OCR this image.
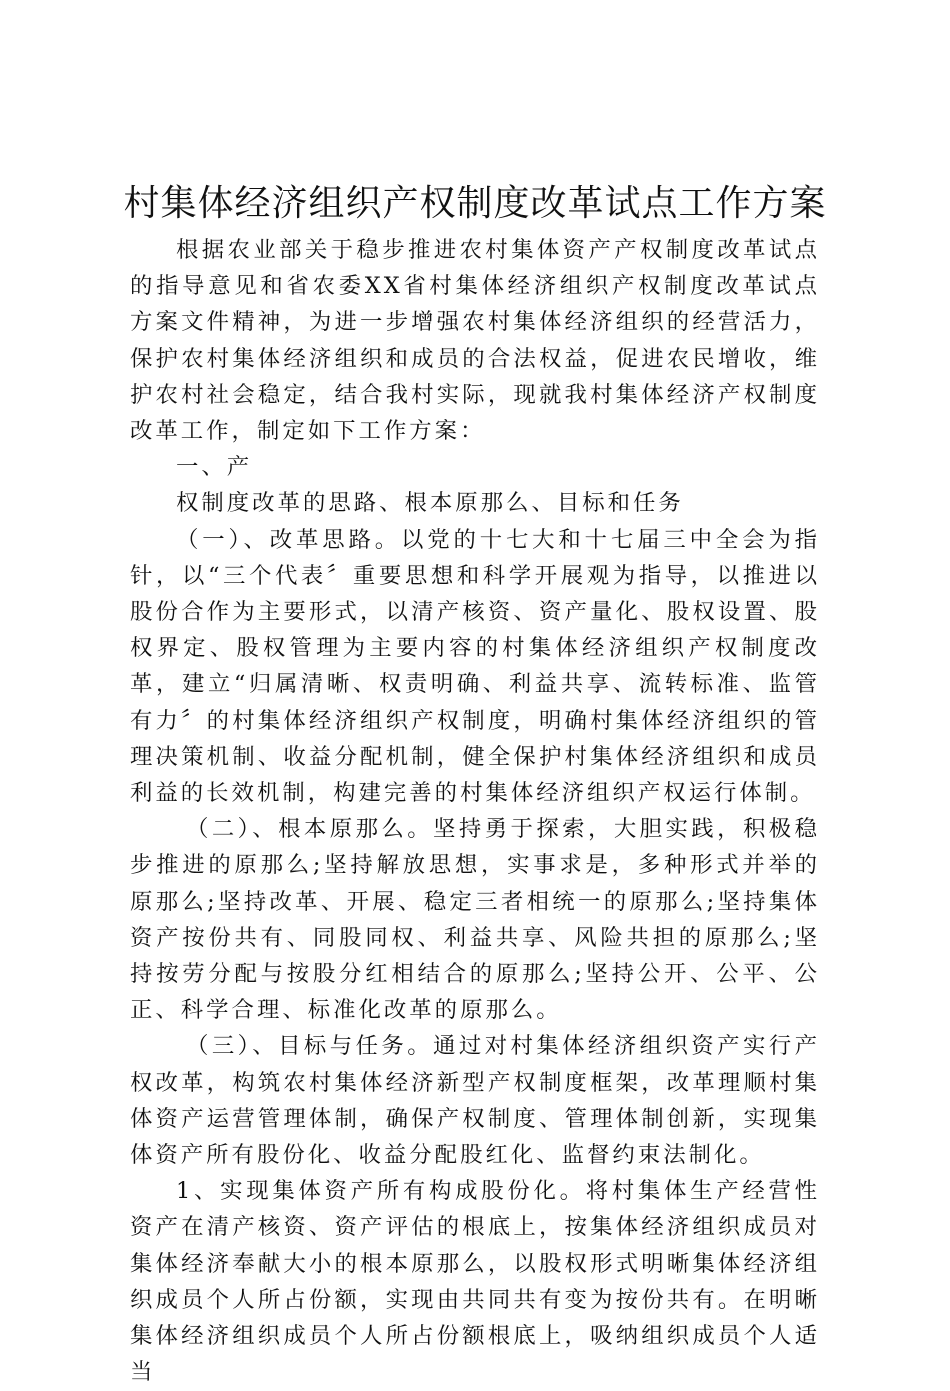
村集体经济组织产权制度改革试点工作方案

根据农业部关于稳步推进农村集体资产产权制度改革试点的指导意见和省农委XX省村集体经济组织产权制度改革试点方案文件精神，为进一步增强农村集体经济组织的经营活力，保护农村集体经济组织和成员的合法权益，促进农民增收，维护农村社会稳定，结合我村实际，现就我村集体经济产权制度改革工作，制定如下工作方案：

一、产

权制度改革的思路、根本原那么、目标和任务

（一）、改革思路。以党的十七大和十七届三中全会为指针，以“三个代表〞重要思想和科学开展观为指导，以推进以股份合作为主要形式，以清产核资、资产量化、股权设置、股权界定、股权管理为主要内容的村集体经济组织产权制度改革，建立“归属清晰、权责明确、利益共享、流转标准、监管有力〞的村集体经济组织产权制度，明确村集体经济组织的管理决策机制、收益分配机制，健全保护村集体经济组织和成员利益的长效机制，构建完善的村集体经济组织产权运行体制。

（二）、根本原那么。坚持勇于探索，大胆实践，积极稳步推进的原那么;坚持解放思想，实事求是，多种形式并举的原那么;坚持改革、开展、稳定三者相统一的原那么;坚持集体资产按份共有、同股同权、利益共享、风险共担的原那么;坚持按劳分配与按股分红相结合的原那么;坚持公开、公平、公正、科学合理、标准化改革的原那么。

（三）、目标与任务。通过对村集体经济组织资产实行产权改革，构筑农村集体经济新型产权制度框架，改革理顺村集体资产运营管理体制，确保产权制度、管理体制创新，实现集体资产所有股份化、收益分配股红化、监督约束法制化。

1、实现集体资产所有构成股份化。将村集体生产经营性资产在清产核资、资产评估的根底上，按集体经济组织成员对集体经济奉献大小的根本原那么，以股权形式明晰集体经济组织成员个人所占份额，实现由共同共有变为按份共有。在明晰集体经济组织成员个人所占份额根底上，吸纳组织成员个人适当
